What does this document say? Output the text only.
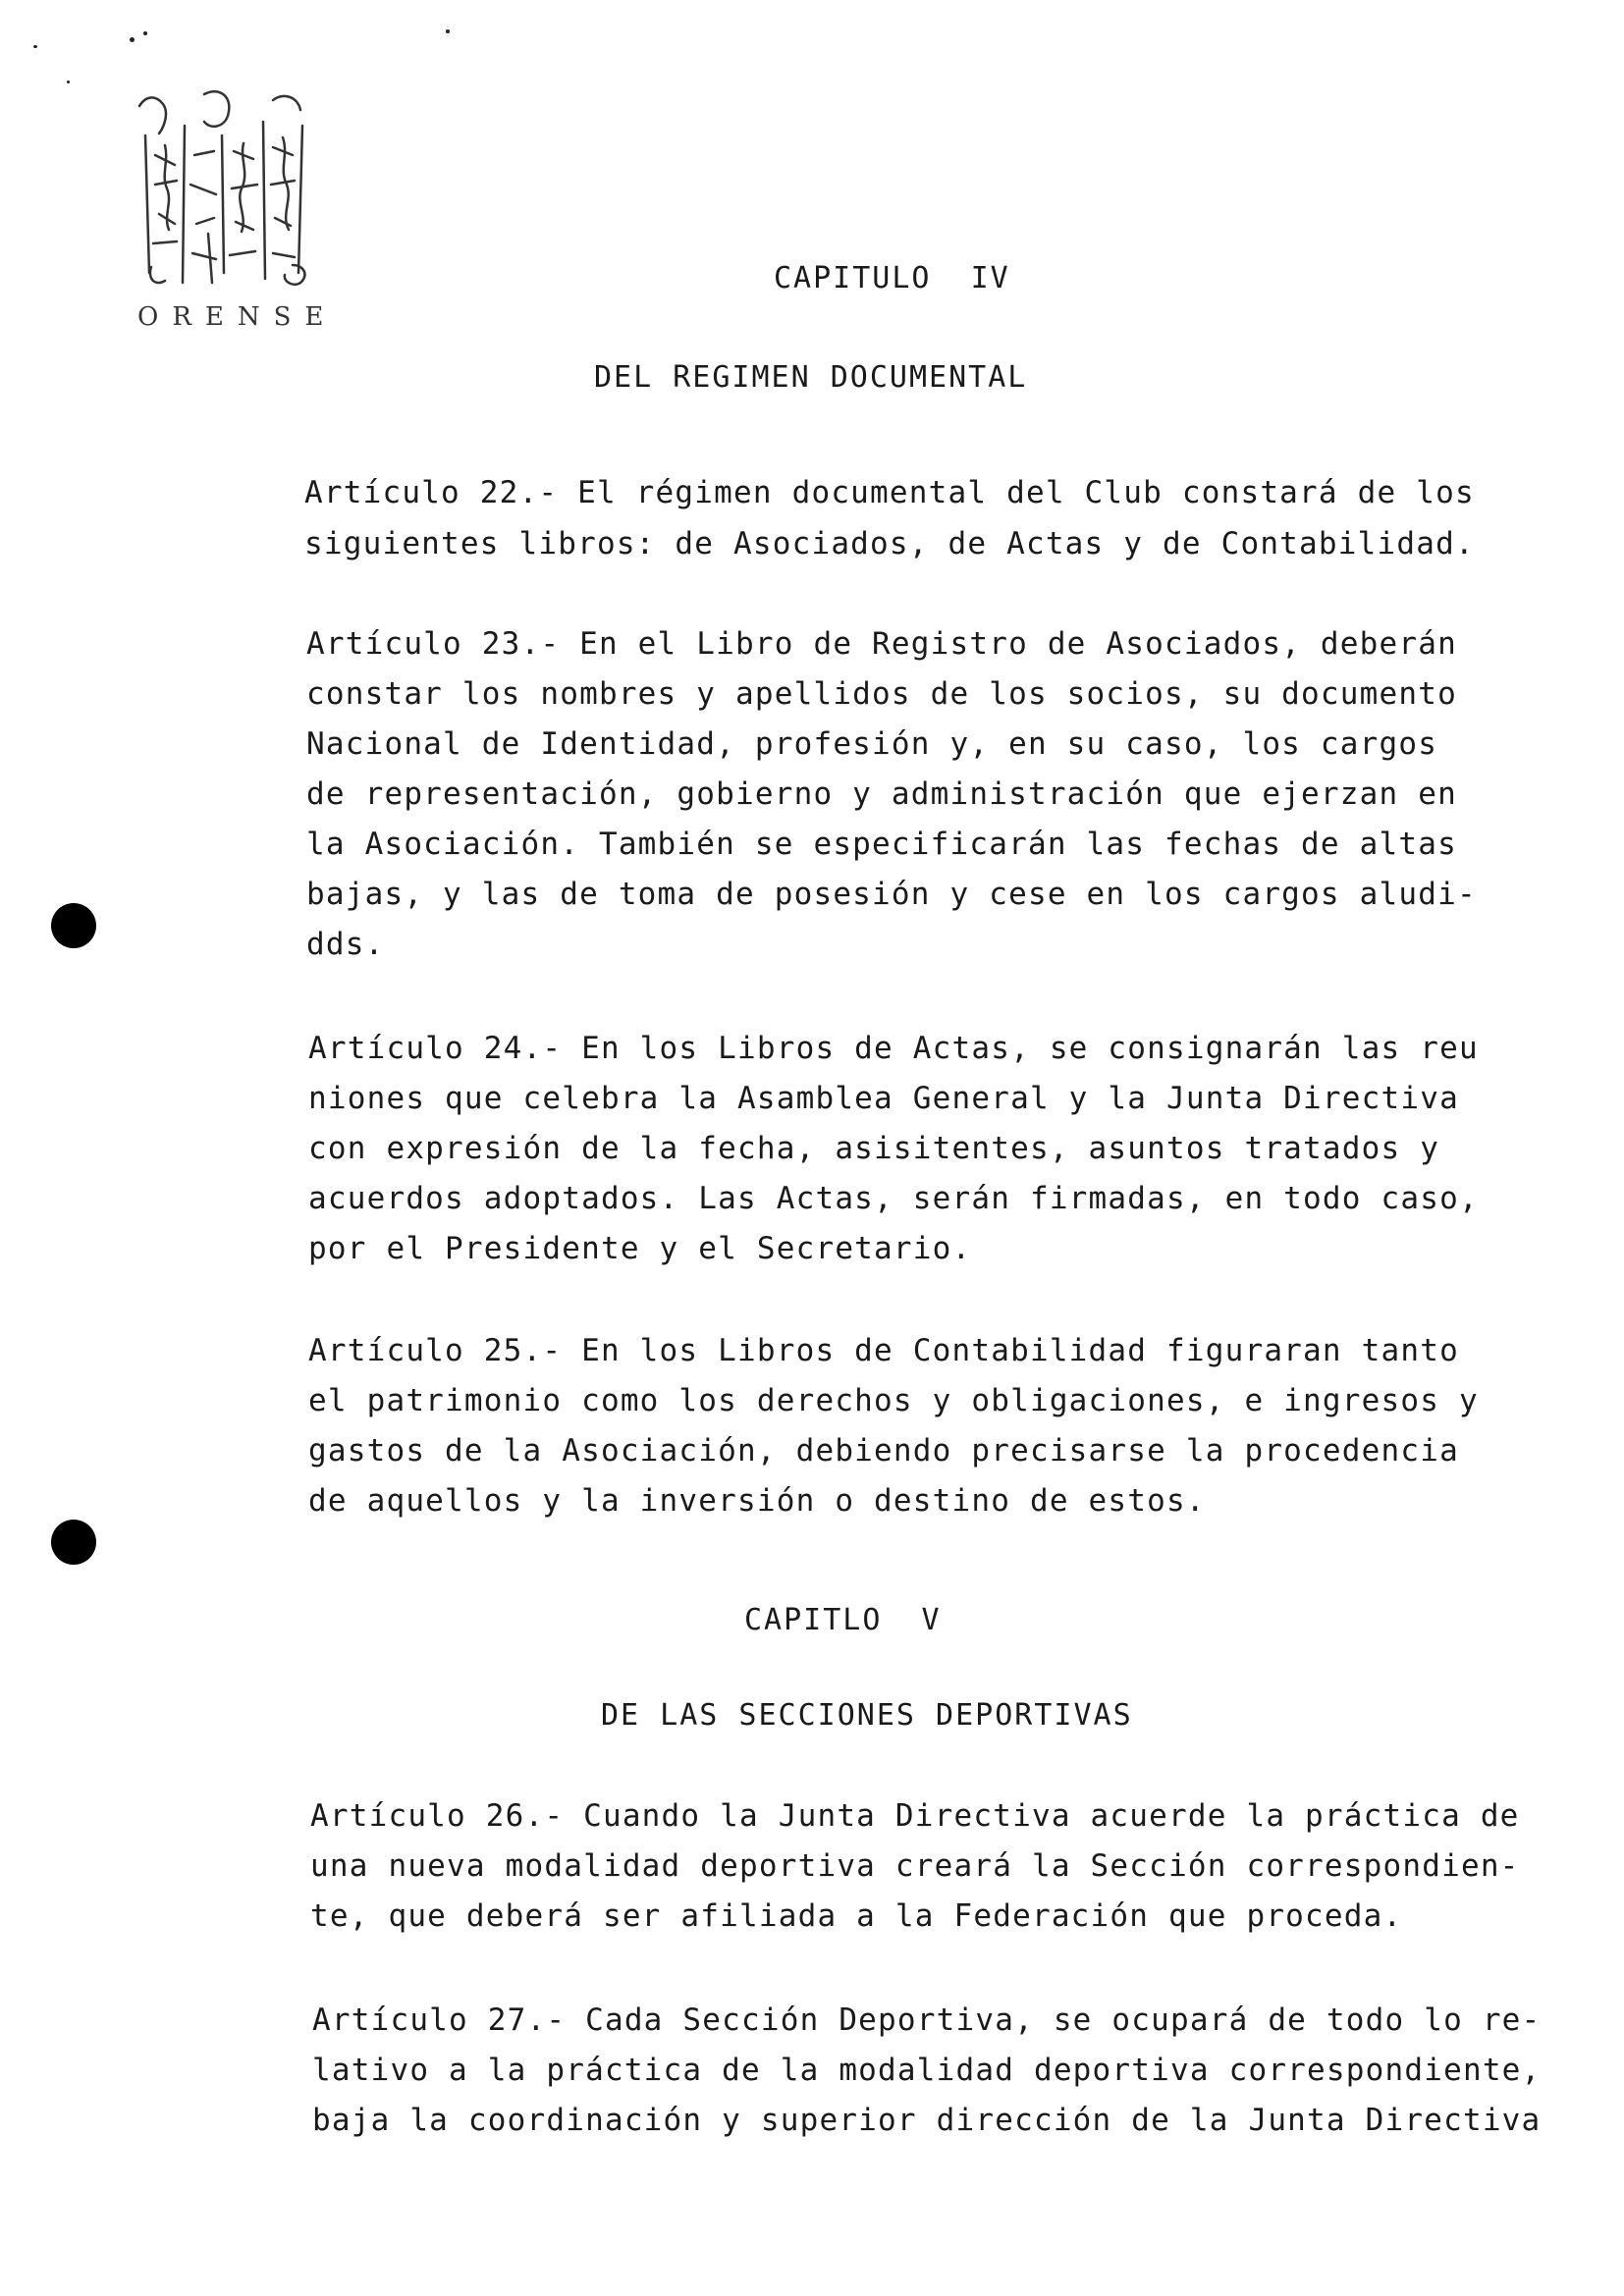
ORENSE
CAPITULO  IV
DEL REGIMEN DOCUMENTAL
Artículo 22.- El régimen documental del Club constará de los
siguientes libros: de Asociados, de Actas y de Contabilidad.
Artículo 23.- En el Libro de Registro de Asociados, deberán
constar los nombres y apellidos de los socios, su documento
Nacional de Identidad, profesión y, en su caso, los cargos
de representación, gobierno y administración que ejerzan en
la Asociación. También se especificarán las fechas de altas
bajas, y las de toma de posesión y cese en los cargos aludi-
dds.
Artículo 24.- En los Libros de Actas, se consignarán las reu
niones que celebra la Asamblea General y la Junta Directiva
con expresión de la fecha, asisitentes, asuntos tratados y
acuerdos adoptados. Las Actas, serán firmadas, en todo caso,
por el Presidente y el Secretario.
Artículo 25.- En los Libros de Contabilidad figuraran tanto
el patrimonio como los derechos y obligaciones, e ingresos y
gastos de la Asociación, debiendo precisarse la procedencia
de aquellos y la inversión o destino de estos.
CAPITLO  V
DE LAS SECCIONES DEPORTIVAS
Artículo 26.- Cuando la Junta Directiva acuerde la práctica de
una nueva modalidad deportiva creará la Sección correspondien-
te, que deberá ser afiliada a la Federación que proceda.
Artículo 27.- Cada Sección Deportiva, se ocupará de todo lo re-
lativo a la práctica de la modalidad deportiva correspondiente,
baja la coordinación y superior dirección de la Junta Directiva
